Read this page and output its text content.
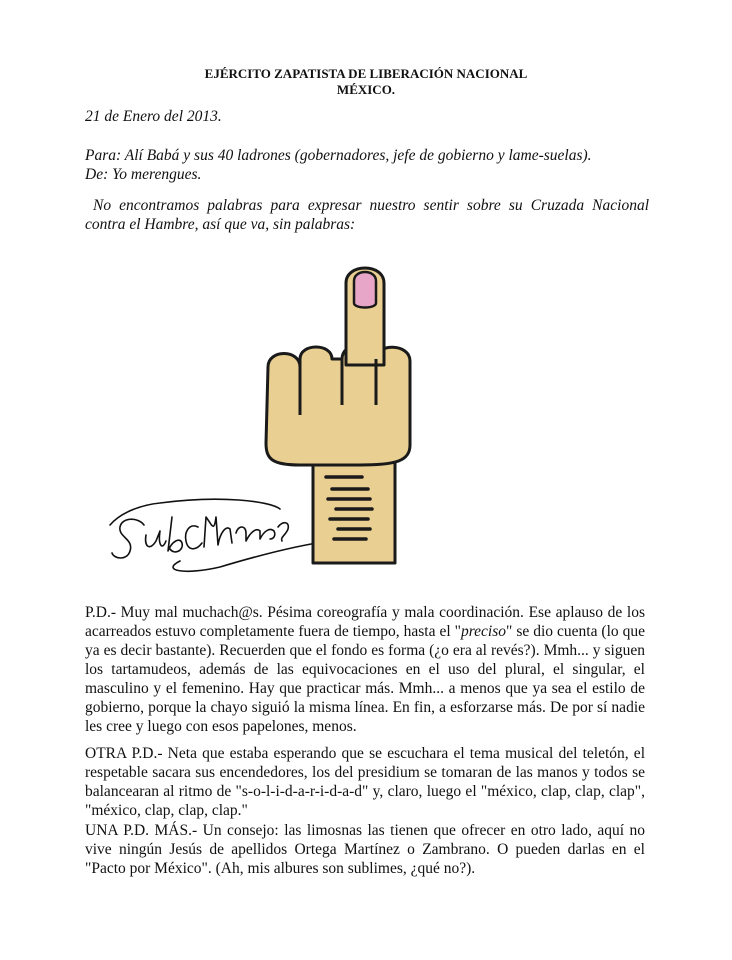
EJÉRCITO ZAPATISTA DE LIBERACIÓN NACIONAL
MÉXICO.
21 de Enero del 2013.
Para: Alí Babá y sus 40 ladrones (gobernadores, jefe de gobierno y lame-suelas).
De: Yo merengues.
No encontramos palabras para expresar nuestro sentir sobre su Cruzada Nacional contra el Hambre, así que va, sin palabras:
P.D.- Muy mal muchach@s. Pésima coreografía y mala coordinación. Ese aplauso de los acarreados estuvo completamente fuera de tiempo, hasta el "preciso" se dio cuenta (lo que ya es decir bastante). Recuerden que el fondo es forma (¿o era al revés?). Mmh... y siguen los tartamudeos, además de las equivocaciones en el uso del plural, el singular, el masculino y el femenino. Hay que practicar más. Mmh... a menos que ya sea el estilo de gobierno, porque la chayo siguió la misma línea. En fin, a esforzarse más. De por sí nadie les cree y luego con esos papelones, menos.
OTRA P.D.- Neta que estaba esperando que se escuchara el tema musical del teletón, el respetable sacara sus encendedores, los del presidium se tomaran de las manos y todos se balancearan al ritmo de "s-o-l-i-d-a-r-i-d-a-d" y, claro, luego el "méxico, clap, clap, clap", "méxico, clap, clap, clap."
UNA P.D. MÁS.- Un consejo: las limosnas las tienen que ofrecer en otro lado, aquí no vive ningún Jesús de apellidos Ortega Martínez o Zambrano. O pueden darlas en el "Pacto por México". (Ah, mis albures son sublimes, ¿qué no?).
